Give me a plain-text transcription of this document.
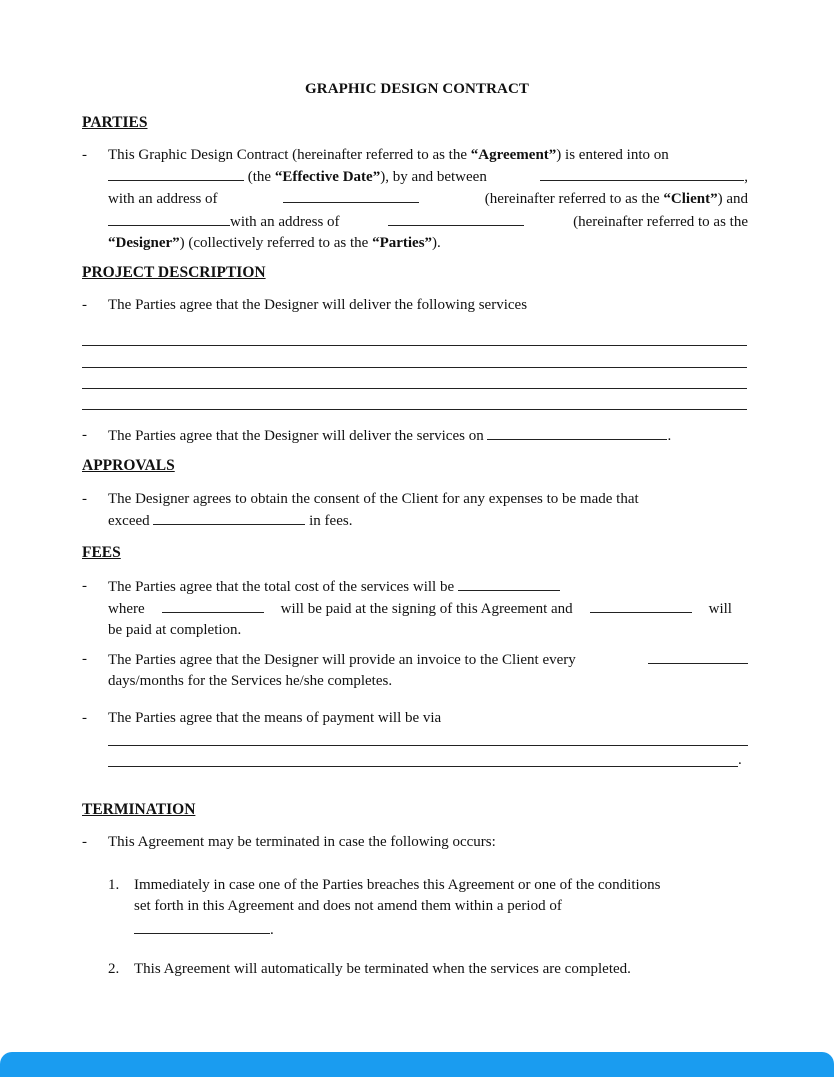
GRAPHIC DESIGN CONTRACT
PARTIES
- This Graphic Design Contract (hereinafter referred to as the “Agreement”) is entered into on
(the “Effective Date”), by and between	,
with an address of	(hereinafter referred to as the “Client”) and
with an address of	(hereinafter referred to as the
“Designer”) (collectively referred to as the “Parties”).
PROJECT DESCRIPTION
- The Parties agree that the Designer will deliver the following services

- The Parties agree that the Designer will deliver the services on	.
APPROVALS
- The Designer agrees to obtain the consent of the Client for any expenses to be made that
exceed	in fees.
FEES
- The Parties agree that the total cost of the services will be
where	will be paid at the signing of this Agreement and	will
be paid at completion.
- The Parties agree that the Designer will provide an invoice to the Client every
days/months for the Services he/she completes.
- The Parties agree that the means of payment will be via

.
TERMINATION
- This Agreement may be terminated in case the following occurs:

1. Immediately in case one of the Parties breaches this Agreement or one of the conditions
set forth in this Agreement and does not amend them within a period of
.
2. This Agreement will automatically be terminated when the services are completed.
